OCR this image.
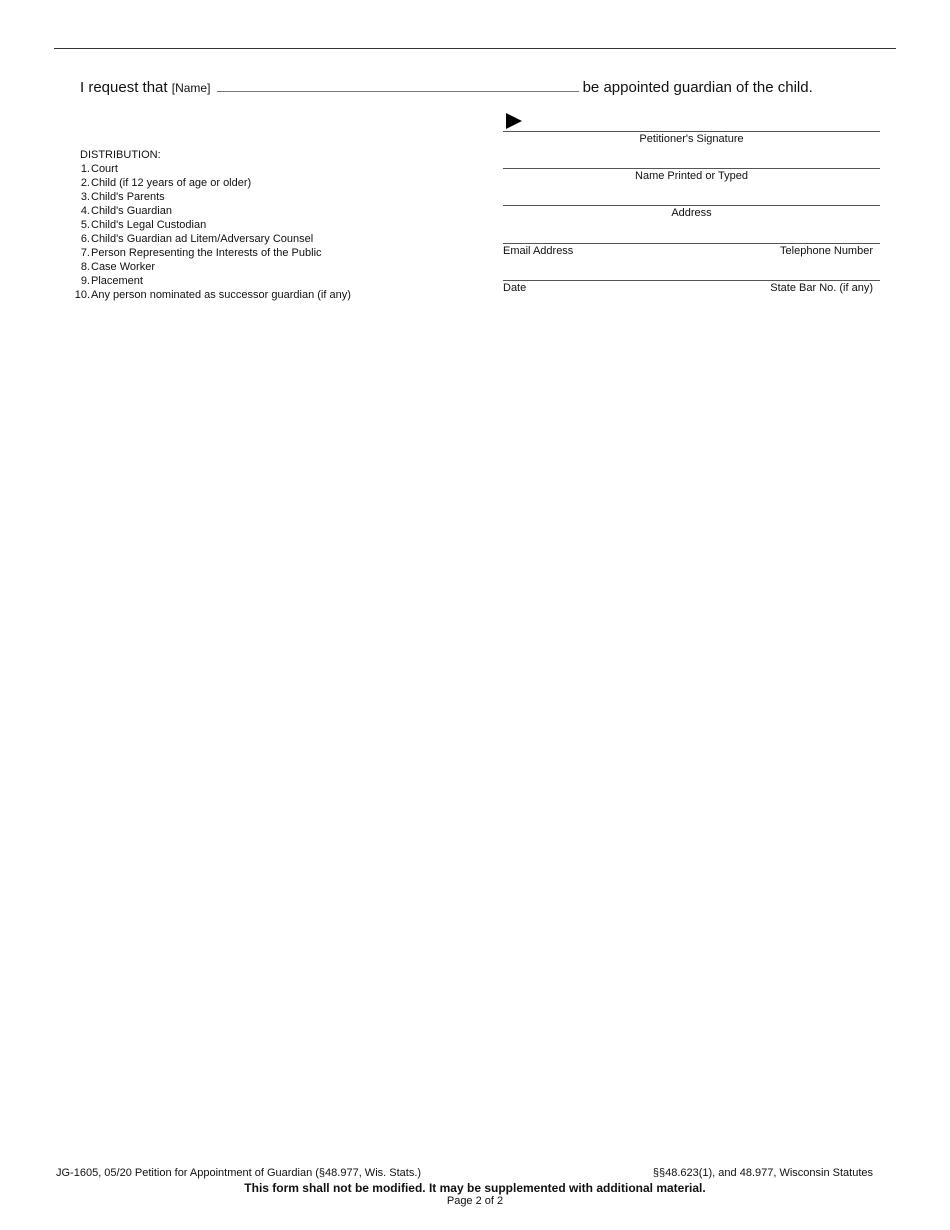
I request that [Name]	be appointed guardian of the child.
Petitioner's Signature
Name Printed or Typed
Address
Email Address	Telephone Number
Date	State Bar No. (if any)
DISTRIBUTION:
1. Court
2. Child (if 12 years of age or older)
3. Child's Parents
4. Child's Guardian
5. Child's Legal Custodian
6. Child's Guardian ad Litem/Adversary Counsel
7. Person Representing the Interests of the Public
8. Case Worker
9. Placement
10. Any person nominated as successor guardian (if any)
JG-1605, 05/20 Petition for Appointment of Guardian (§48.977, Wis. Stats.)	§§48.623(1), and 48.977, Wisconsin Statutes
This form shall not be modified. It may be supplemented with additional material.
Page 2 of 2
